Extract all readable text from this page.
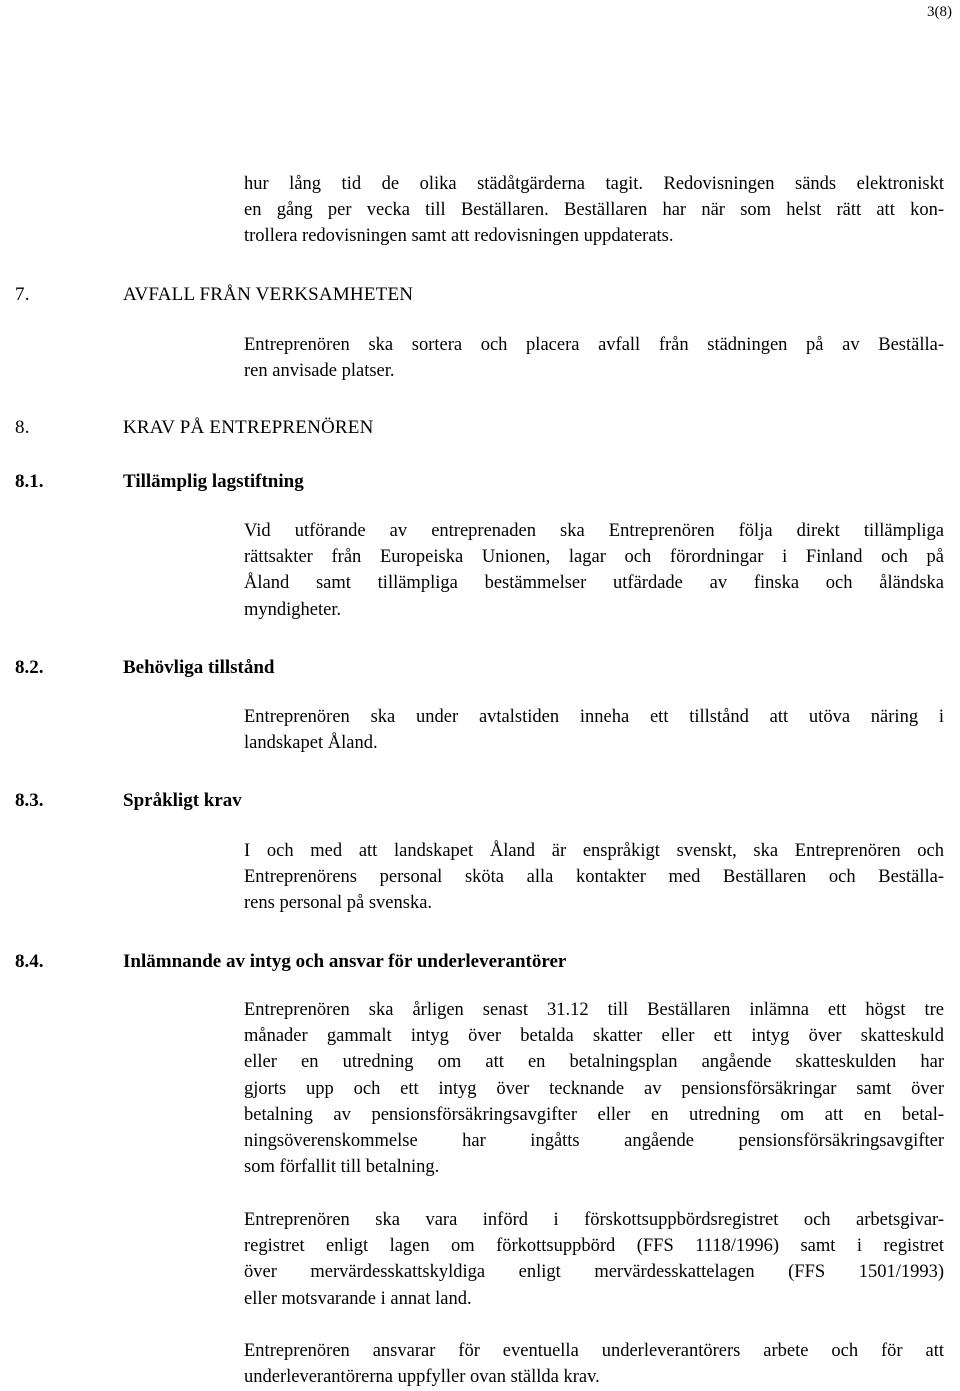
3(8)

hur lång tid de olika städåtgärderna tagit. Redovisningen sänds elektroniskt
en gång per vecka till Beställaren. Beställaren har när som helst rätt att kon-
trollera redovisningen samt att redovisningen uppdaterats.

7.	AVFALL FRÅN VERKSAMHETEN

Entreprenören ska sortera och placera avfall från städningen på av Beställa-
ren anvisade platser.

8.	KRAV PÅ ENTREPRENÖREN
8.1.	Tillämplig lagstiftning

Vid utförande av entreprenaden ska Entreprenören följa direkt tillämpliga
rättsakter från Europeiska Unionen, lagar och förordningar i Finland och på
Åland samt tillämpliga bestämmelser utfärdade av finska och åländska
myndigheter.

8.2.	Behövliga tillstånd

Entreprenören ska under avtalstiden inneha ett tillstånd att utöva näring i
landskapet Åland.

8.3.	Språkligt krav

I och med att landskapet Åland är enspråkigt svenskt, ska Entreprenören och
Entreprenörens personal sköta alla kontakter med Beställaren och Beställa-
rens personal på svenska.

8.4.	Inlämnande av intyg och ansvar för underleverantörer

Entreprenören ska årligen senast 31.12 till Beställaren inlämna ett högst tre
månader gammalt intyg över betalda skatter eller ett intyg över skatteskuld
eller en utredning om att en betalningsplan angående skatteskulden har
gjorts upp och ett intyg över tecknande av pensionsförsäkringar samt över
betalning av pensionsförsäkringsavgifter eller en utredning om att en betal-
ningsöverenskommelse har ingåtts angående pensionsförsäkringsavgifter
som förfallit till betalning.

Entreprenören ska vara införd i förskottsuppbördsregistret och arbetsgivar-
registret enligt lagen om förkottsuppbörd (FFS 1118/1996) samt i registret
över mervärdesskattskyldiga enligt mervärdesskattelagen (FFS 1501/1993)
eller motsvarande i annat land.

Entreprenören ansvarar för eventuella underleverantörers arbete och för att
underleverantörerna uppfyller ovan ställda krav.
